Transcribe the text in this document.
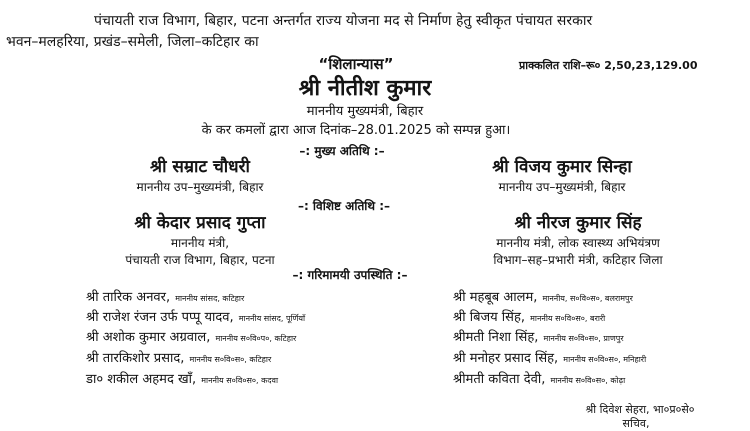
पंचायती राज विभाग, बिहार, पटना अन्तर्गत राज्य योजना मद से निर्माण हेतु स्वीकृत पंचायत सरकार
भवन–मलहरिया, प्रखंड–समेली, जिला–कटिहार का
“शिलान्यास”	प्राक्कलित राशि–रू० 2,50,23,129.00
श्री नीतीश कुमार
माननीय मुख्यमंत्री, बिहार
के कर कमलों द्वारा आज दिनांक–28.01.2025 को सम्पन्न हुआ।
–: मुख्य अतिथि :–
श्री सम्राट चौधरी
माननीय उप–मुख्यमंत्री, बिहार
श्री विजय कुमार सिन्हा
माननीय उप–मुख्यमंत्री, बिहार
–: विशिष्ट अतिथि :–
श्री केदार प्रसाद गुप्ता
माननीय मंत्री,
पंचायती राज विभाग, बिहार, पटना
श्री नीरज कुमार सिंह
माननीय मंत्री, लोक स्वास्थ्य अभियंत्रण
विभाग–सह–प्रभारी मंत्री, कटिहार जिला
–: गरिमामयी उपस्थिति :–
श्री तारिक अनवर, माननीय सांसद, कटिहार
श्री राजेश रंजन उर्फ पप्पू यादव, माननीय सांसद, पूर्णियाँ
श्री अशोक कुमार अग्रवाल, माननीय स०वि०प०, कटिहार
श्री तारकिशोर प्रसाद, माननीय स०वि०स०, कटिहार
डा० शकील अहमद खाँ, माननीय स०वि०स०, कदवा
श्री महबूब आलम, माननीय, स०वि०स०, बलरामपुर
श्री बिजय सिंह, माननीय स०वि०स०, बरारी
श्रीमती निशा सिंह, माननीय स०वि०स०, प्राणपुर
श्री मनोहर प्रसाद सिंह, माननीय स०वि०स०, मनिहारी
श्रीमती कविता देवी, माननीय स०वि०स०, कोढ़ा
श्री दिवेश सेहरा, भा०प्र०से०
सचिव,
